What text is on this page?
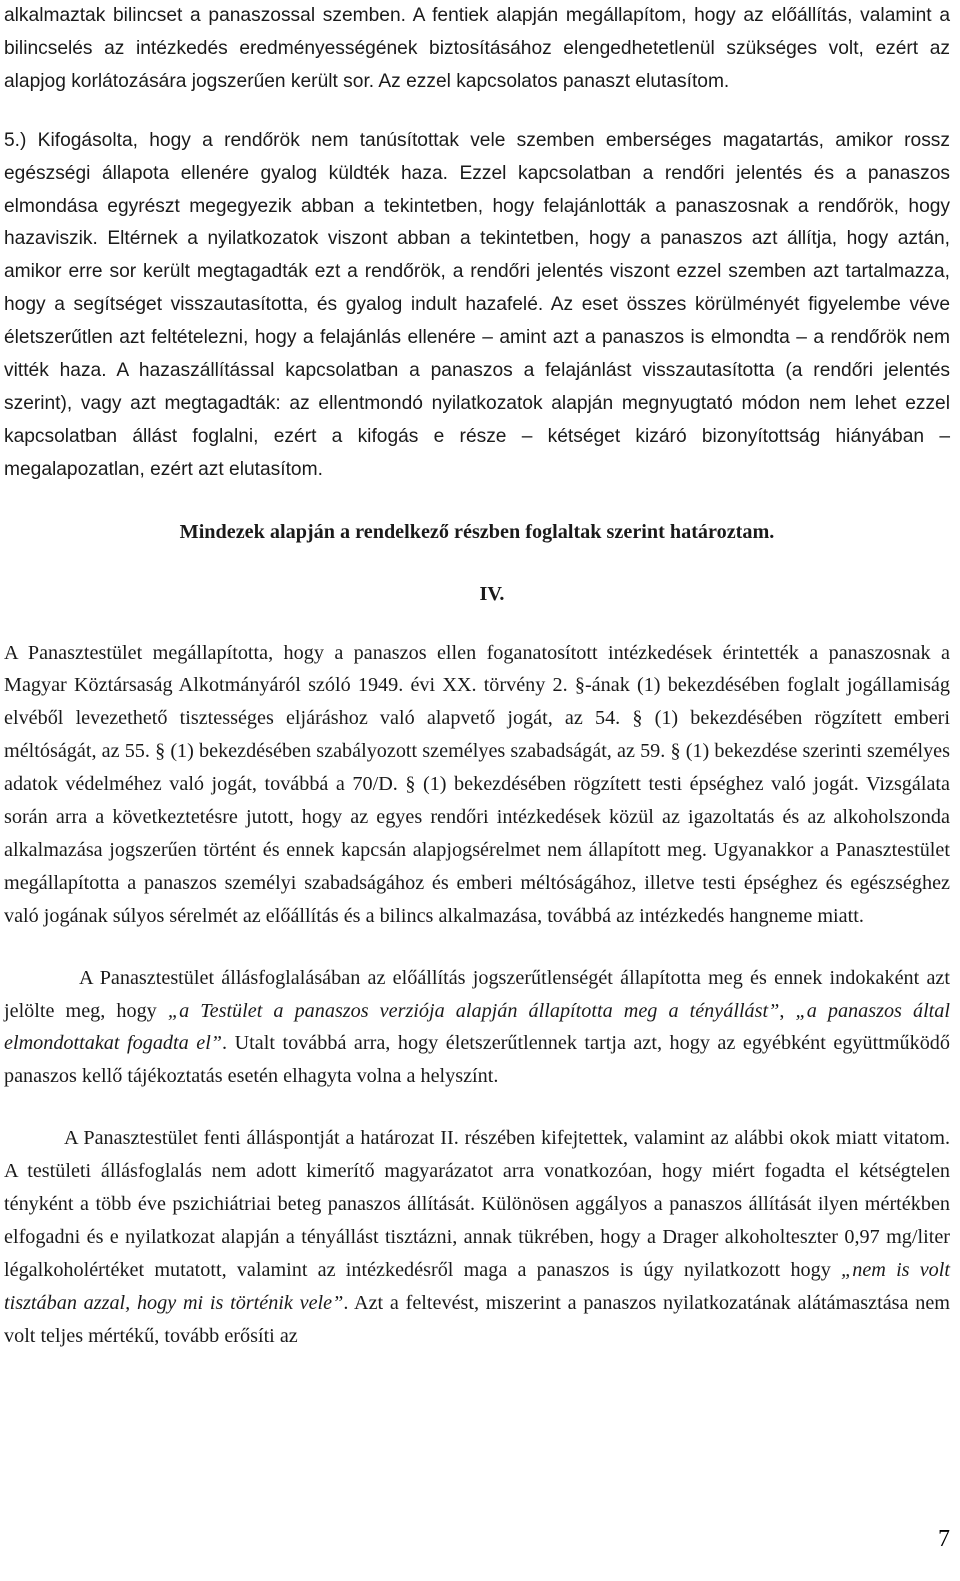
alkalmaztak bilincset a panaszossal szemben. A fentiek alapján megállapítom, hogy az előállítás, valamint a bilincselés az intézkedés eredményességének biztosításához elengedhetetlenül szükséges volt, ezért az alapjog korlátozására jogszerűen került sor. Az ezzel kapcsolatos panaszt elutasítom.

5.) Kifogásolta, hogy a rendőrök nem tanúsítottak vele szemben emberséges magatartás, amikor rossz egészségi állapota ellenére gyalog küldték haza. Ezzel kapcsolatban a rendőri jelentés és a panaszos elmondása egyrészt megegyezik abban a tekintetben, hogy felajánlották a panaszosnak a rendőrök, hogy hazaviszik. Eltérnek a nyilatkozatok viszont abban a tekintetben, hogy a panaszos azt állítja, hogy aztán, amikor erre sor került megtagadták ezt a rendőrök, a rendőri jelentés viszont ezzel szemben azt tartalmazza, hogy a segítséget visszautasította, és gyalog indult hazafelé. Az eset összes körülményét figyelembe véve életszerűtlen azt feltételezni, hogy a felajánlás ellenére – amint azt a panaszos is elmondta – a rendőrök nem vitték haza. A hazaszállítással kapcsolatban a panaszos a felajánlást visszautasította (a rendőri jelentés szerint), vagy azt megtagadták: az ellentmondó nyilatkozatok alapján megnyugtató módon nem lehet ezzel kapcsolatban állást foglalni, ezért a kifogás e része – kétséget kizáró bizonyítottság hiányában – megalapozatlan, ezért azt elutasítom.

Mindezek alapján a rendelkező részben foglaltak szerint határoztam.

IV.

A Panasztestület megállapította, hogy a panaszos ellen foganatosított intézkedések érintették a panaszosnak a Magyar Köztársaság Alkotmányáról szóló 1949. évi XX. törvény 2. §-ának (1) bekezdésében foglalt jogállamiság elvéből levezethető tisztességes eljáráshoz való alapvető jogát, az 54. § (1) bekezdésében rögzített emberi méltóságát, az 55. § (1) bekezdésében szabályozott személyes szabadságát, az 59. § (1) bekezdése szerinti személyes adatok védelméhez való jogát, továbbá a 70/D. § (1) bekezdésében rögzített testi épséghez való jogát. Vizsgálata során arra a következtetésre jutott, hogy az egyes rendőri intézkedések közül az igazoltatás és az alkoholszonda alkalmazása jogszerűen történt és ennek kapcsán alapjogsérelmet nem állapított meg. Ugyanakkor a Panasztestület megállapította a panaszos személyi szabadságához és emberi méltóságához, illetve testi épséghez és egészséghez való jogának súlyos sérelmét az előállítás és a bilincs alkalmazása, továbbá az intézkedés hangneme miatt.

A Panasztestület állásfoglalásában az előállítás jogszerűtlenségét állapította meg és ennek indokaként azt jelölte meg, hogy „a Testület a panaszos verziója alapján állapította meg a tényállást”, „a panaszos által elmondottakat fogadta el”. Utalt továbbá arra, hogy életszerűtlennek tartja azt, hogy az egyébként együttműködő panaszos kellő tájékoztatás esetén elhagyta volna a helyszínt.

A Panasztestület fenti álláspontját a határozat II. részében kifejtettek, valamint az alábbi okok miatt vitatom. A testületi állásfoglalás nem adott kimerítő magyarázatot arra vonatkozóan, hogy miért fogadta el kétségtelen tényként a több éve pszichiátriai beteg panaszos állítását. Különösen aggályos a panaszos állítását ilyen mértékben elfogadni és e nyilatkozat alapján a tényállást tisztázni, annak tükrében, hogy a Drager alkoholteszter 0,97 mg/liter légalkoholértéket mutatott, valamint az intézkedésről maga a panaszos is úgy nyilatkozott hogy „nem is volt tisztában azzal, hogy mi is történik vele”. Azt a feltevést, miszerint a panaszos nyilatkozatának alátámasztása nem volt teljes mértékű, tovább erősíti az

7
